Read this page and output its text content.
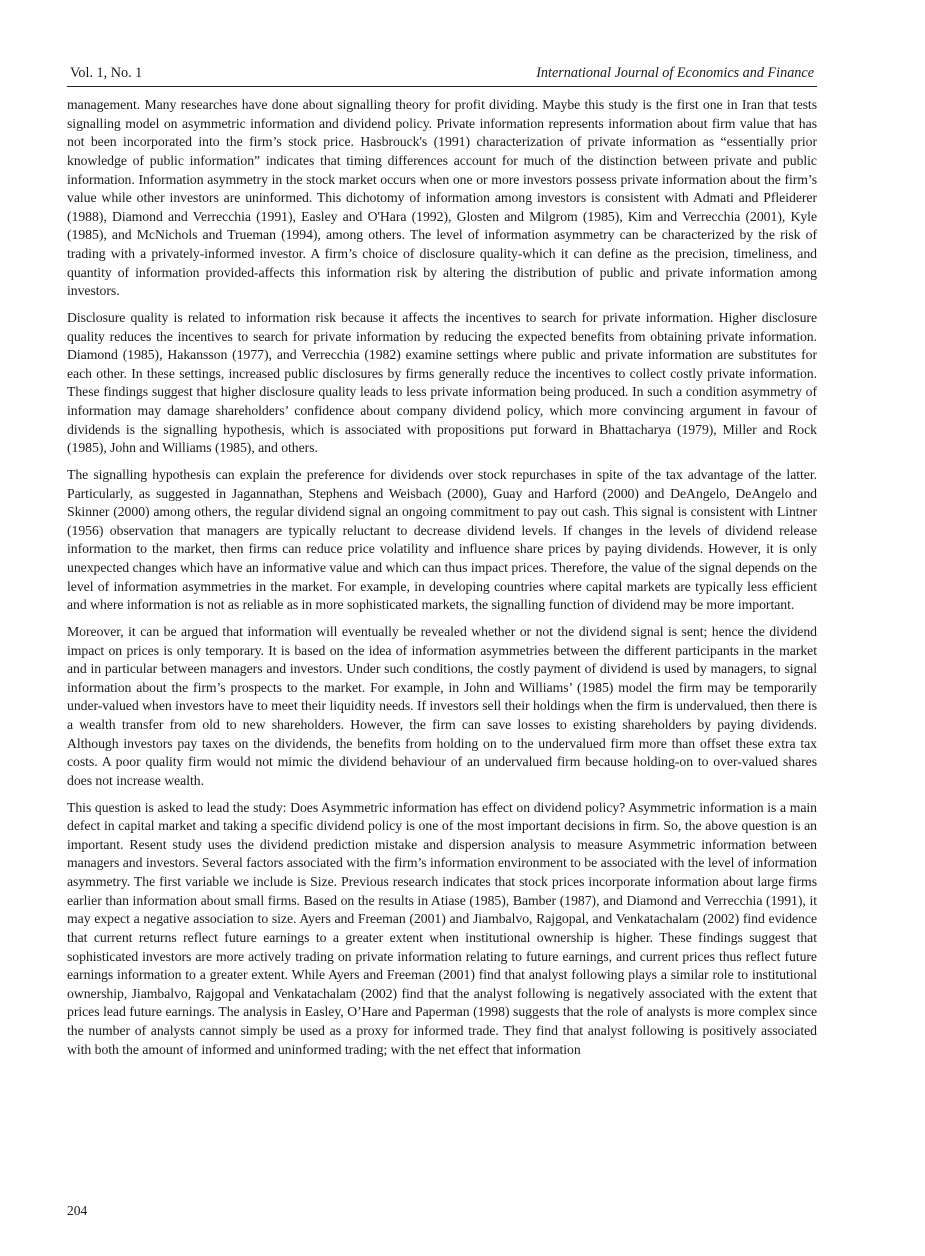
Vol. 1, No. 1	International Journal of Economics and Finance

management. Many researches have done about signalling theory for profit dividing. Maybe this study is the first one in Iran that tests signalling model on asymmetric information and dividend policy. Private information represents information about firm value that has not been incorporated into the firm’s stock price. Hasbrouck's (1991) characterization of private information as “essentially prior knowledge of public information” indicates that timing differences account for much of the distinction between private and public information. Information asymmetry in the stock market occurs when one or more investors possess private information about the firm’s value while other investors are uninformed. This dichotomy of information among investors is consistent with Admati and Pfleiderer (1988), Diamond and Verrecchia (1991), Easley and O'Hara (1992), Glosten and Milgrom (1985), Kim and Verrecchia (2001), Kyle (1985), and McNichols and Trueman (1994), among others. The level of information asymmetry can be characterized by the risk of trading with a privately-informed investor. A firm’s choice of disclosure quality-which it can define as the precision, timeliness, and quantity of information provided-affects this information risk by altering the distribution of public and private information among investors.

Disclosure quality is related to information risk because it affects the incentives to search for private information. Higher disclosure quality reduces the incentives to search for private information by reducing the expected benefits from obtaining private information. Diamond (1985), Hakansson (1977), and Verrecchia (1982) examine settings where public and private information are substitutes for each other. In these settings, increased public disclosures by firms generally reduce the incentives to collect costly private information. These findings suggest that higher disclosure quality leads to less private information being produced. In such a condition asymmetry of information may damage shareholders’ confidence about company dividend policy, which more convincing argument in favour of dividends is the signalling hypothesis, which is associated with propositions put forward in Bhattacharya (1979), Miller and Rock (1985), John and Williams (1985), and others.

The signalling hypothesis can explain the preference for dividends over stock repurchases in spite of the tax advantage of the latter. Particularly, as suggested in Jagannathan, Stephens and Weisbach (2000), Guay and Harford (2000) and DeAngelo, DeAngelo and Skinner (2000) among others, the regular dividend signal an ongoing commitment to pay out cash. This signal is consistent with Lintner (1956) observation that managers are typically reluctant to decrease dividend levels. If changes in the levels of dividend release information to the market, then firms can reduce price volatility and influence share prices by paying dividends. However, it is only unexpected changes which have an informative value and which can thus impact prices. Therefore, the value of the signal depends on the level of information asymmetries in the market. For example, in developing countries where capital markets are typically less efficient and where information is not as reliable as in more sophisticated markets, the signalling function of dividend may be more important.

Moreover, it can be argued that information will eventually be revealed whether or not the dividend signal is sent; hence the dividend impact on prices is only temporary. It is based on the idea of information asymmetries between the different participants in the market and in particular between managers and investors. Under such conditions, the costly payment of dividend is used by managers, to signal information about the firm’s prospects to the market. For example, in John and Williams’ (1985) model the firm may be temporarily under-valued when investors have to meet their liquidity needs. If investors sell their holdings when the firm is undervalued, then there is a wealth transfer from old to new shareholders. However, the firm can save losses to existing shareholders by paying dividends. Although investors pay taxes on the dividends, the benefits from holding on to the undervalued firm more than offset these extra tax costs. A poor quality firm would not mimic the dividend behaviour of an undervalued firm because holding-on to over-valued shares does not increase wealth.

This question is asked to lead the study: Does Asymmetric information has effect on dividend policy? Asymmetric information is a main defect in capital market and taking a specific dividend policy is one of the most important decisions in firm. So, the above question is an important. Resent study uses the dividend prediction mistake and dispersion analysis to measure Asymmetric information between managers and investors. Several factors associated with the firm’s information environment to be associated with the level of information asymmetry. The first variable we include is Size. Previous research indicates that stock prices incorporate information about large firms earlier than information about small firms. Based on the results in Atiase (1985), Bamber (1987), and Diamond and Verrecchia (1991), it may expect a negative association to size. Ayers and Freeman (2001) and Jiambalvo, Rajgopal, and Venkatachalam (2002) find evidence that current returns reflect future earnings to a greater extent when institutional ownership is higher. These findings suggest that sophisticated investors are more actively trading on private information relating to future earnings, and current prices thus reflect future earnings information to a greater extent. While Ayers and Freeman (2001) find that analyst following plays a similar role to institutional ownership, Jiambalvo, Rajgopal and Venkatachalam (2002) find that the analyst following is negatively associated with the extent that prices lead future earnings. The analysis in Easley, O’Hare and Paperman (1998) suggests that the role of analysts is more complex since the number of analysts cannot simply be used as a proxy for informed trade. They find that analyst following is positively associated with both the amount of informed and uninformed trading; with the net effect that information

204
